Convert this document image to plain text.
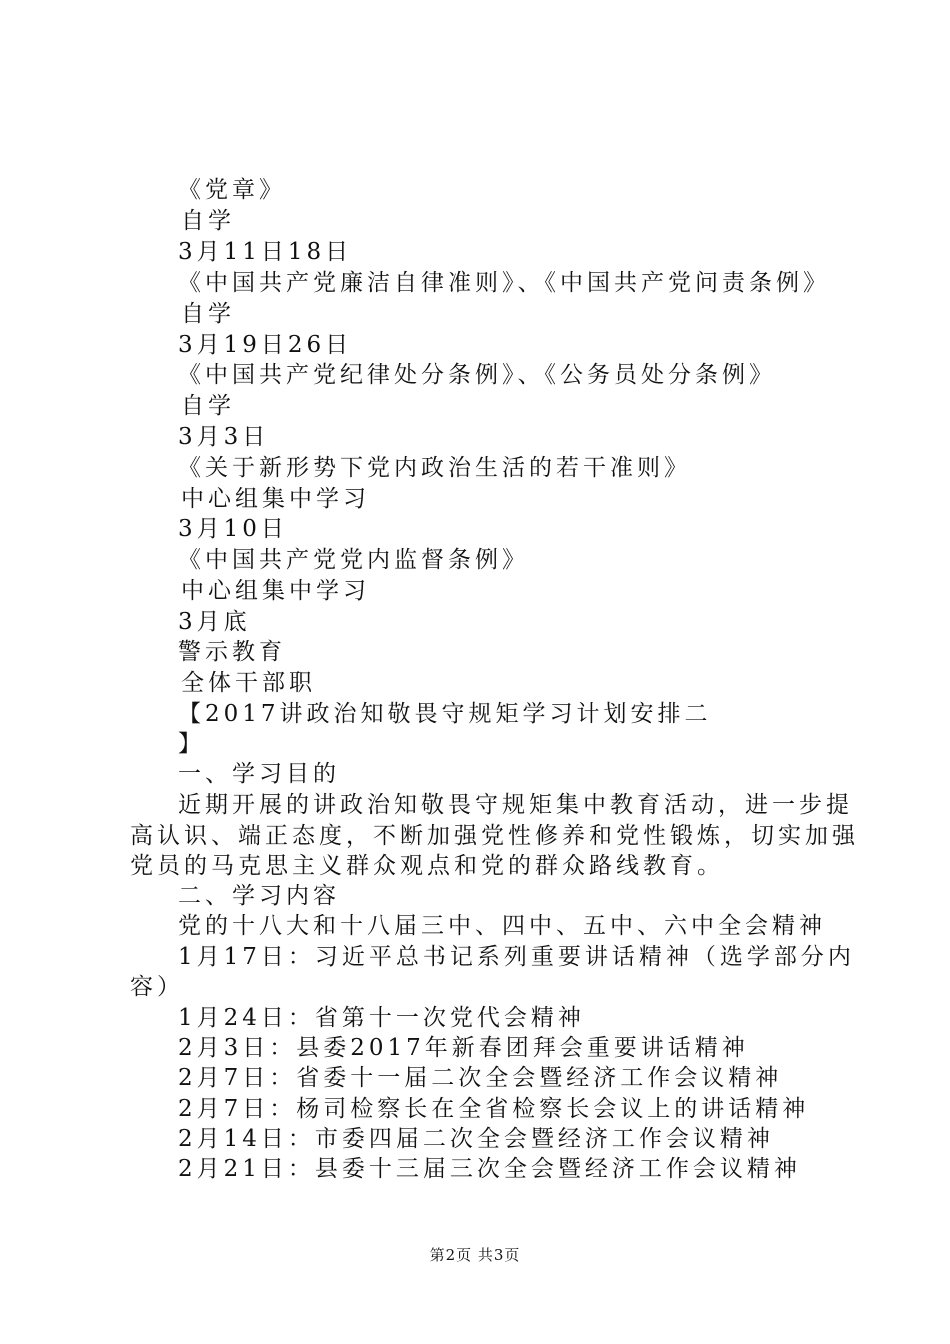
《党章》
自学
3月11日18日
《中国共产党廉洁自律准则》、《中国共产党问责条例》
自学
3月19日26日
《中国共产党纪律处分条例》、《公务员处分条例》
自学
3月3日
《关于新形势下党内政治生活的若干准则》
中心组集中学习
3月10日
《中国共产党党内监督条例》
中心组集中学习
3月底
警示教育
全体干部职
【2017讲政治知敬畏守规矩学习计划安排二
】
一、学习目的
近期开展的讲政治知敬畏守规矩集中教育活动，进一步提
高认识、端正态度，不断加强党性修养和党性锻炼，切实加强
党员的马克思主义群众观点和党的群众路线教育。
二、学习内容
党的十八大和十八届三中、四中、五中、六中全会精神
1月17日：习近平总书记系列重要讲话精神（选学部分内
容）
1月24日：省第十一次党代会精神
2月3日：县委2017年新春团拜会重要讲话精神
2月7日：省委十一届二次全会暨经济工作会议精神
2月7日：杨司检察长在全省检察长会议上的讲话精神
2月14日：市委四届二次全会暨经济工作会议精神
2月21日：县委十三届三次全会暨经济工作会议精神
第2页 共3页
